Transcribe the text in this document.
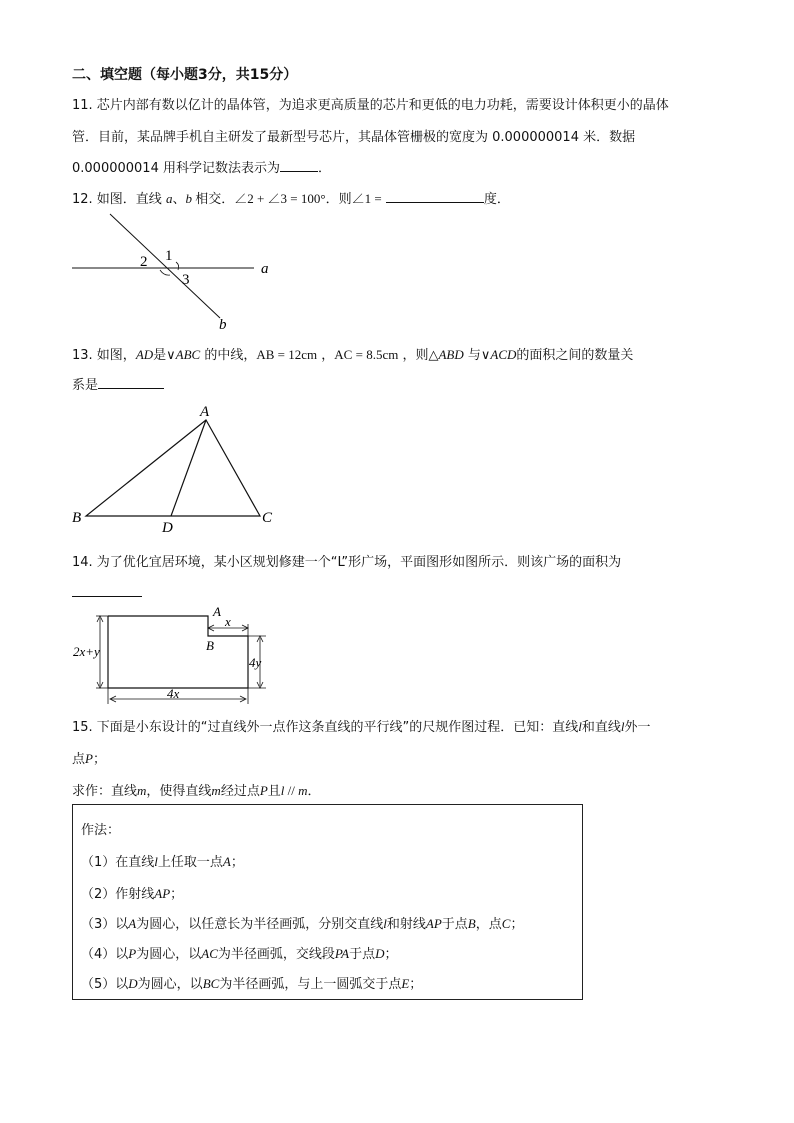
二、填空题（每小题3分，共15分）
11. 芯片内部有数以亿计的晶体管，为追求更高质量的芯片和更低的电力功耗，需要设计体积更小的晶体
管．目前，某品牌手机自主研发了最新型号芯片，其晶体管栅极的宽度为 0.000000014 米．数据
0.000000014 用科学记数法表示为	．
12. 如图．直线 a、b 相交．∠2 + ∠3 = 100°．则∠1 =	度．
1
2
3
a
b
A
B	C
D
2x+y
x
A
B
4y
4x
13. 如图，AD是∨ABC 的中线，AB = 12cm ，AC = 8.5cm ，则△ABD 与∨ACD的面积之间的数量关
系是
14. 为了优化宜居环境，某小区规划修建一个“L”形广场，平面图形如图所示．则该广场的面积为
15. 下面是小东设计的“过直线外一点作这条直线的平行线”的尺规作图过程．已知：直线l和直线l外一
点P；
求作：直线m，使得直线m经过点P且l // m．
作法：
（1）在直线l上任取一点A；
（2）作射线AP；
（3）以A为圆心，以任意长为半径画弧，分别交直线l和射线AP于点B，点C；
（4）以P为圆心，以AC为半径画弧，交线段PA于点D；
（5）以D为圆心，以BC为半径画弧，与上一圆弧交于点E；
